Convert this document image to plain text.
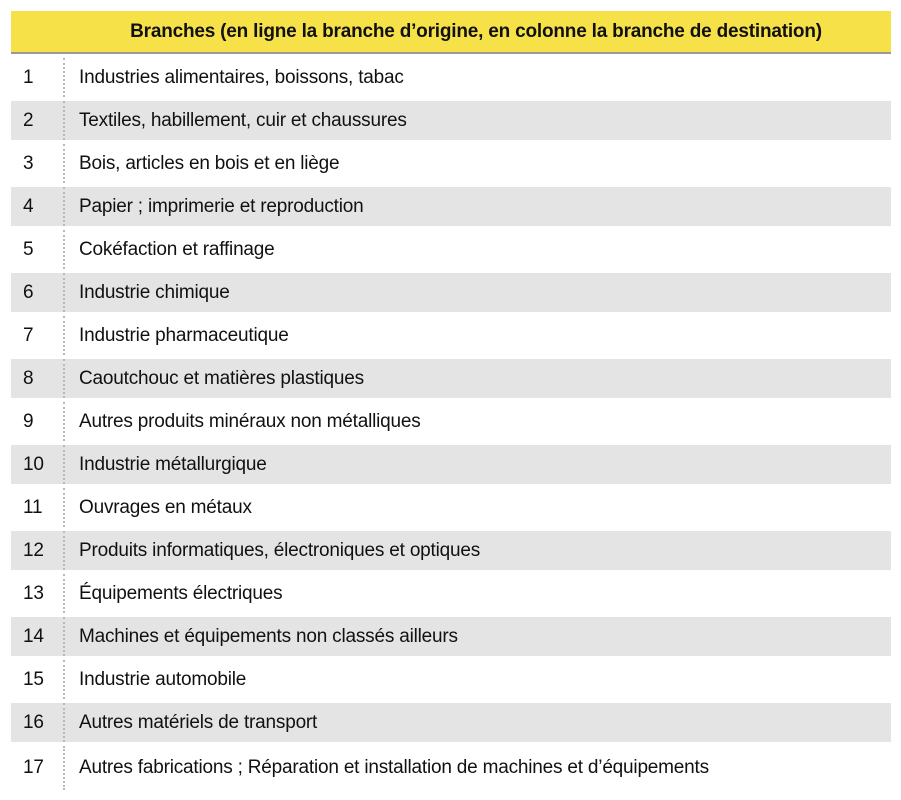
Branches (en ligne la branche d’origine, en colonne la branche de destination)
1	Industries alimentaires, boissons, tabac
2	Textiles, habillement, cuir et chaussures
3	Bois, articles en bois et en liège
4	Papier ; imprimerie et reproduction
5	Cokéfaction et raffinage
6	Industrie chimique
7	Industrie pharmaceutique
8	Caoutchouc et matières plastiques
9	Autres produits minéraux non métalliques
10	Industrie métallurgique
11	Ouvrages en métaux
12	Produits informatiques, électroniques et optiques
13	Équipements électriques
14	Machines et équipements non classés ailleurs
15	Industrie automobile
16	Autres matériels de transport
17	Autres fabrications ; Réparation et installation de machines et d’équipements
